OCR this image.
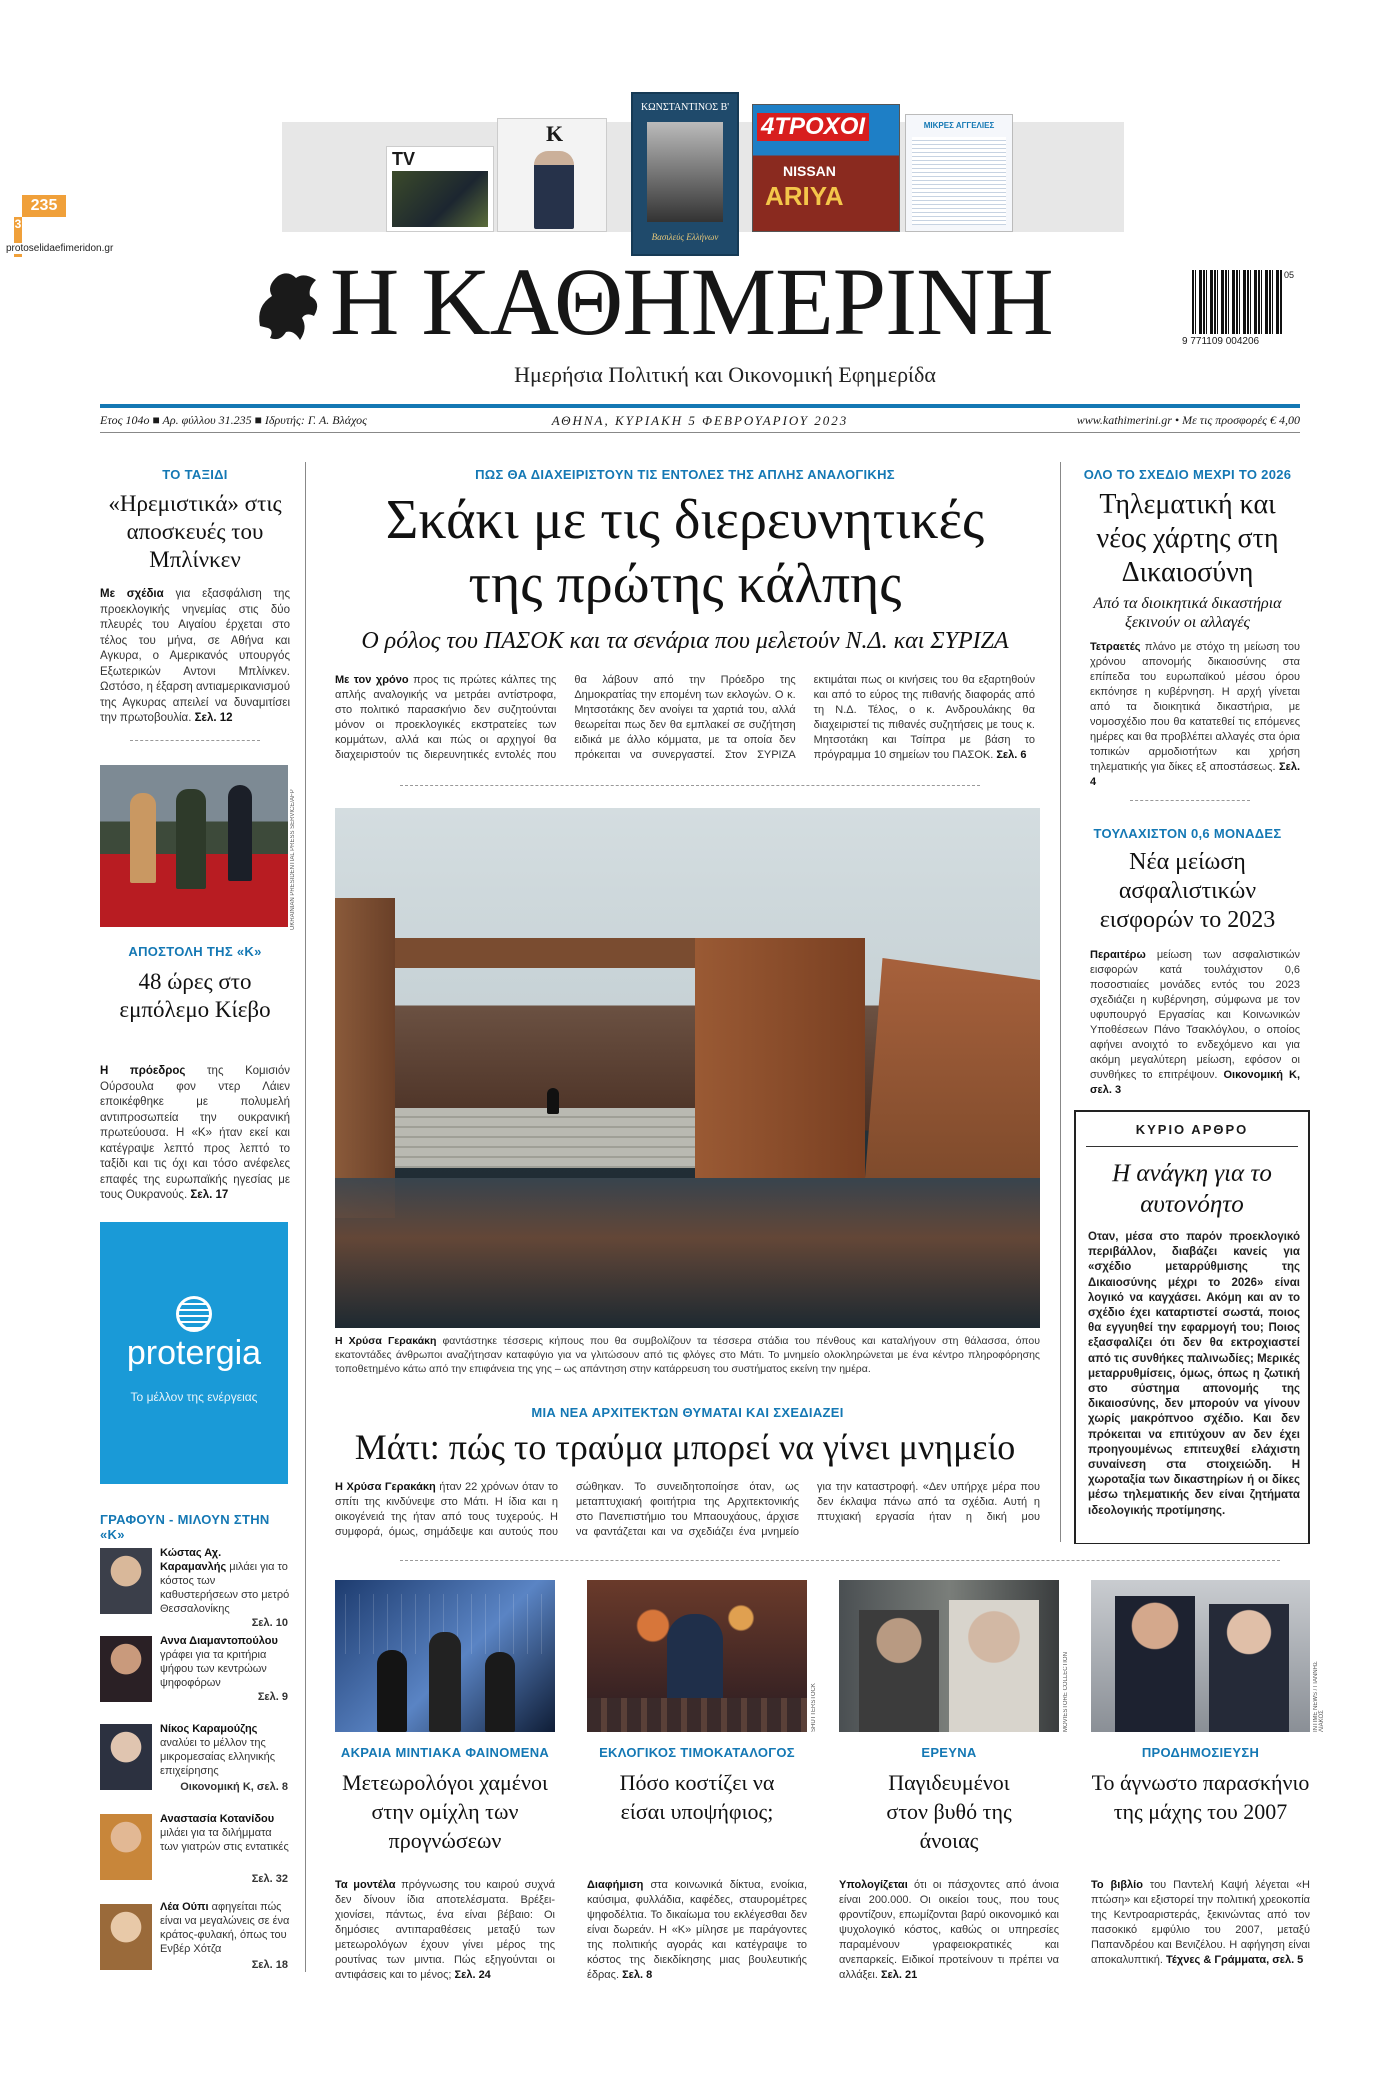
235
3
protoselidaefimeridon.gr
TV
K
ΚΩΝΣΤΑΝΤΙΝΟΣ Β'
Βασιλεύς Ελλήνων
4ΤΡΟΧΟΙ
NISSAN
ARIYA
ΜΙΚΡΕΣ ΑΓΓΕΛΙΕΣ
Η ΚΑΘΗΜΕΡΙΝΗ
Ημερήσια Πολιτική και Οικονομική Εφημερίδα
05
9 771109 004206
Ετος 104ο ■ Αρ. φύλλου 31.235 ■ Ιδρυτής: Γ. Α. Βλάχος	ΑΘΗΝΑ, ΚΥΡΙΑΚΗ 5 ΦΕΒΡΟΥΑΡΙΟΥ 2023	www.kathimerini.gr • Με τις προσφορές € 4,00
ΤΟ ΤΑΞΙΔΙ
«Ηρεμιστικά» στις αποσκευές του Μπλίνκεν
Με σχέδια για εξασφάλιση της προεκλογικής νηνεμίας στις δύο πλευρές του Αιγαίου έρχεται στο τέλος του μήνα, σε Αθήνα και Αγκυρα, ο Αμερικανός υπουργός Εξωτερικών Αντονι Μπλίνκεν. Ωστόσο, η έξαρση αντιαμερικανισμού της Αγκυρας απειλεί να δυναμιτίσει την πρωτοβουλία. Σελ. 12
UKRAINIAN PRESIDENTIAL PRESS SERVICE/AFP
ΑΠΟΣΤΟΛΗ ΤΗΣ «Κ»
48 ώρες στο εμπόλεμο Κίεβο
Η πρόεδρος της Κομισιόν Ούρσουλα φον ντερ Λάιεν εποικέφθηκε με πολυμελή αντιπροσωπεία την ουκρανική πρωτεύουσα. Η «Κ» ήταν εκεί και κατέγραψε λεπτό προς λεπτό το ταξίδι και τις όχι και τόσο ανέφελες επαφές της ευρωπαϊκής ηγεσίας με τους Ουκρανούς. Σελ. 17
protergia
Το μέλλον της ενέργειας
ΓΡΑΦΟΥΝ - ΜΙΛΟΥΝ ΣΤΗΝ «Κ»
Κώστας Αχ. Καραμανλής μιλάει για το κόστος των καθυστερήσεων στο μετρό Θεσσαλονίκης
Σελ. 10
Αννα Διαμαντοπούλου γράφει για τα κριτήρια ψήφου των κεντρώων ψηφοφόρων
Σελ. 9
Νίκος Καραμούζης αναλύει το μέλλον της μικρομεσαίας ελληνικής επιχείρησης
Οικονομική Κ, σελ. 8
Αναστασία Κοτανίδου μιλάει για τα διλήμματα των γιατρών στις εντατικές
Σελ. 32
Λέα Ούπι αφηγείται πώς είναι να μεγαλώνεις σε ένα κράτος-φυλακή, όπως του Ενβέρ Χότζα
Σελ. 18
ΠΩΣ ΘΑ ΔΙΑΧΕΙΡΙΣΤΟΥΝ ΤΙΣ ΕΝΤΟΛΕΣ ΤΗΣ ΑΠΛΗΣ ΑΝΑΛΟΓΙΚΗΣ
Σκάκι με τις διερευνητικές
της πρώτης κάλπης
Ο ρόλος του ΠΑΣΟΚ και τα σενάρια που μελετούν Ν.Δ. και ΣΥΡΙΖΑ
Με τον χρόνο προς τις πρώτες κάλπες της απλής αναλογικής να μετράει αντίστροφα, στο πολιτικό παρασκήνιο δεν συζητούνται μόνον οι προεκλογικές εκστρατείες των κομμάτων, αλλά και πώς οι αρχηγοί θα διαχειριστούν τις διερευνητικές εντολές που θα λάβουν από την Πρόεδρο της Δημοκρατίας την επομένη των εκλογών. Ο κ. Μητσοτάκης δεν ανοίγει τα χαρτιά του, αλλά θεωρείται πως δεν θα εμπλακεί σε συζήτηση ειδικά με άλλο κόμματα, με τα οποία δεν πρόκειται να συνεργαστεί. Στον ΣΥΡΙΖΑ εκτιμάται πως οι κινήσεις του θα εξαρτηθούν και από το εύρος της πιθανής διαφοράς από τη Ν.Δ. Τέλος, ο κ. Ανδρουλάκης θα διαχειριστεί τις πιθανές συζητήσεις με τους κ. Μητσοτάκη και Τσίπρα με βάση το πρόγραμμα 10 σημείων του ΠΑΣΟΚ. Σελ. 6
Η Χρύσα Γερακάκη φαντάστηκε τέσσερις κήπους που θα συμβολίζουν τα τέσσερα στάδια του πένθους και καταλήγουν στη θάλασσα, όπου εκατοντάδες άνθρωποι αναζήτησαν καταφύγιο για να γλιτώσουν από τις φλόγες στο Μάτι. Το μνημείο ολοκληρώνεται με ένα κέντρο πληροφόρησης τοποθετημένο κάτω από την επιφάνεια της γης – ως απάντηση στην κατάρρευση του συστήματος εκείνη την ημέρα.
ΜΙΑ ΝΕΑ ΑΡΧΙΤΕΚΤΩΝ ΘΥΜΑΤΑΙ ΚΑΙ ΣΧΕΔΙΑΖΕΙ
Μάτι: πώς το τραύμα μπορεί να γίνει μνημείο
Η Χρύσα Γερακάκη ήταν 22 χρόνων όταν το σπίτι της κινδύνεψε στο Μάτι. Η ίδια και η οικογένειά της ήταν από τους τυχερούς. Η συμφορά, όμως, σημάδεψε και αυτούς που σώθηκαν. Το συνειδητοποίησε όταν, ως μεταπτυχιακή φοιτήτρια της Αρχιτεκτονικής στο Πανεπιστήμιο του Μπαουχάους, άρχισε να φαντάζεται και να σχεδιάζει ένα μνημείο για την καταστροφή. «Δεν υπήρχε μέρα που δεν έκλαψα πάνω από τα σχέδια. Αυτή η πτυχιακή εργασία ήταν η δική μου
ΟΛΟ ΤΟ ΣΧΕΔΙΟ ΜΕΧΡΙ ΤΟ 2026
Τηλεματική και νέος χάρτης στη Δικαιοσύνη
Από τα διοικητικά δικαστήρια ξεκινούν οι αλλαγές
Τετραετές πλάνο με στόχο τη μείωση του χρόνου απονομής δικαιοσύνης στα επίπεδα του ευρωπαϊκού μέσου όρου εκπόνησε η κυβέρνηση. Η αρχή γίνεται από τα διοικητικά δικαστήρια, με νομοσχέδιο που θα κατατεθεί τις επόμενες ημέρες και θα προβλέπει αλλαγές στα όρια τοπικών αρμοδιοτήτων και χρήση τηλεματικής για δίκες εξ αποστάσεως. Σελ. 4
ΤΟΥΛΑΧΙΣΤΟΝ 0,6 ΜΟΝΑΔΕΣ
Νέα μείωση ασφαλιστικών εισφορών το 2023
Περαιτέρω μείωση των ασφαλιστικών εισφορών κατά τουλάχιστον 0,6 ποσοστιαίες μονάδες εντός του 2023 σχεδιάζει η κυβέρνηση, σύμφωνα με τον υφυπουργό Εργασίας και Κοινωνικών Υποθέσεων Πάνο Τσακλόγλου, ο οποίος αφήνει ανοιχτό το ενδεχόμενο και για ακόμη μεγαλύτερη μείωση, εφόσον οι συνθήκες το επιτρέψουν. Οικονομική Κ, σελ. 3
ΚΥΡΙΟ ΑΡΘΡΟ
Η ανάγκη για το αυτονόητο
Οταν, μέσα στο παρόν προεκλογικό περιβάλλον, διαβάζει κανείς για «σχέδιο μεταρρύθμισης της Δικαιοσύνης μέχρι το 2026» είναι λογικό να καγχάσει. Ακόμη και αν το σχέδιο έχει καταρτιστεί σωστά, ποιος θα εγγυηθεί την εφαρμογή του; Ποιος εξασφαλίζει ότι δεν θα εκτροχιαστεί από τις συνθήκες παλινωδίες; Μερικές μεταρρυθμίσεις, όμως, όπως η ζωτική στο σύστημα απονομής της δικαιοσύνης, δεν μπορούν να γίνουν χωρίς μακρόπνοο σχέδιο. Και δεν πρόκειται να επιτύχουν αν δεν έχει προηγουμένως επιτευχθεί ελάχιστη συναίνεση στα στοιχειώδη. Η χωροταξία των δικαστηρίων ή οι δίκες μέσω τηλεματικής δεν είναι ζητήματα ιδεολογικής προτίμησης.
ΑΚΡΑΙΑ ΜΙΝΤΙΑΚΑ ΦΑΙΝΟΜΕΝΑ
Μετεωρολόγοι χαμένοι στην ομίχλη των προγνώσεων
Τα μοντέλα πρόγνωσης του καιρού συχνά δεν δίνουν ίδια αποτελέσματα. Βρέξει-χιονίσει, πάντως, ένα είναι βέβαιο: Οι δημόσιες αντιπαραθέσεις μεταξύ των μετεωρολόγων έχουν γίνει μέρος της ρουτίνας των μιντια. Πώς εξηγούνται οι αντιφάσεις και το μένος; Σελ. 24
SHUTTERSTOCK
ΕΚΛΟΓΙΚΟΣ ΤΙΜΟΚΑΤΑΛΟΓΟΣ
Πόσο κοστίζει να είσαι υποψήφιος;
Διαφήμιση στα κοινωνικά δίκτυα, ενοίκια, καύσιμα, φυλλάδια, καφέδες, σταυρομέτρες ψηφοδέλτια. Το δικαίωμα του εκλέγεσθαι δεν είναι δωρεάν. Η «Κ» μίλησε με παράγοντες της πολιτικής αγοράς και κατέγραψε το κόστος της διεκδίκησης μιας βουλευτικής έδρας. Σελ. 8
MOVIESTORE COLLECTION
ΕΡΕΥΝΑ
Παγιδευμένοι στον βυθό της άνοιας
Υπολογίζεται ότι οι πάσχοντες από άνοια είναι 200.000. Οι οικείοι τους, που τους φροντίζουν, επωμίζονται βαρύ οικονομικό και ψυχολογικό κόστος, καθώς οι υπηρεσίες παραμένουν γραφειοκρατικές και ανεπαρκείς. Ειδικοί προτείνουν τι πρέπει να αλλάξει. Σελ. 21
INTIME NEWS / ΓΙΑΝΝΗΣ ΛΙΑΚΟΣ
ΠΡΟΔΗΜΟΣΙΕΥΣΗ
Το άγνωστο παρασκήνιο της μάχης του 2007
Το βιβλίο του Παντελή Καψή λέγεται «Η πτώση» και εξιστορεί την πολιτική χρεοκοπία της Κεντροαριστεράς, ξεκινώντας από τον πασοκικό εμφύλιο του 2007, μεταξύ Παπανδρέου και Βενιζέλου. Η αφήγηση είναι αποκαλυπτική. Τέχνες & Γράμματα, σελ. 5
